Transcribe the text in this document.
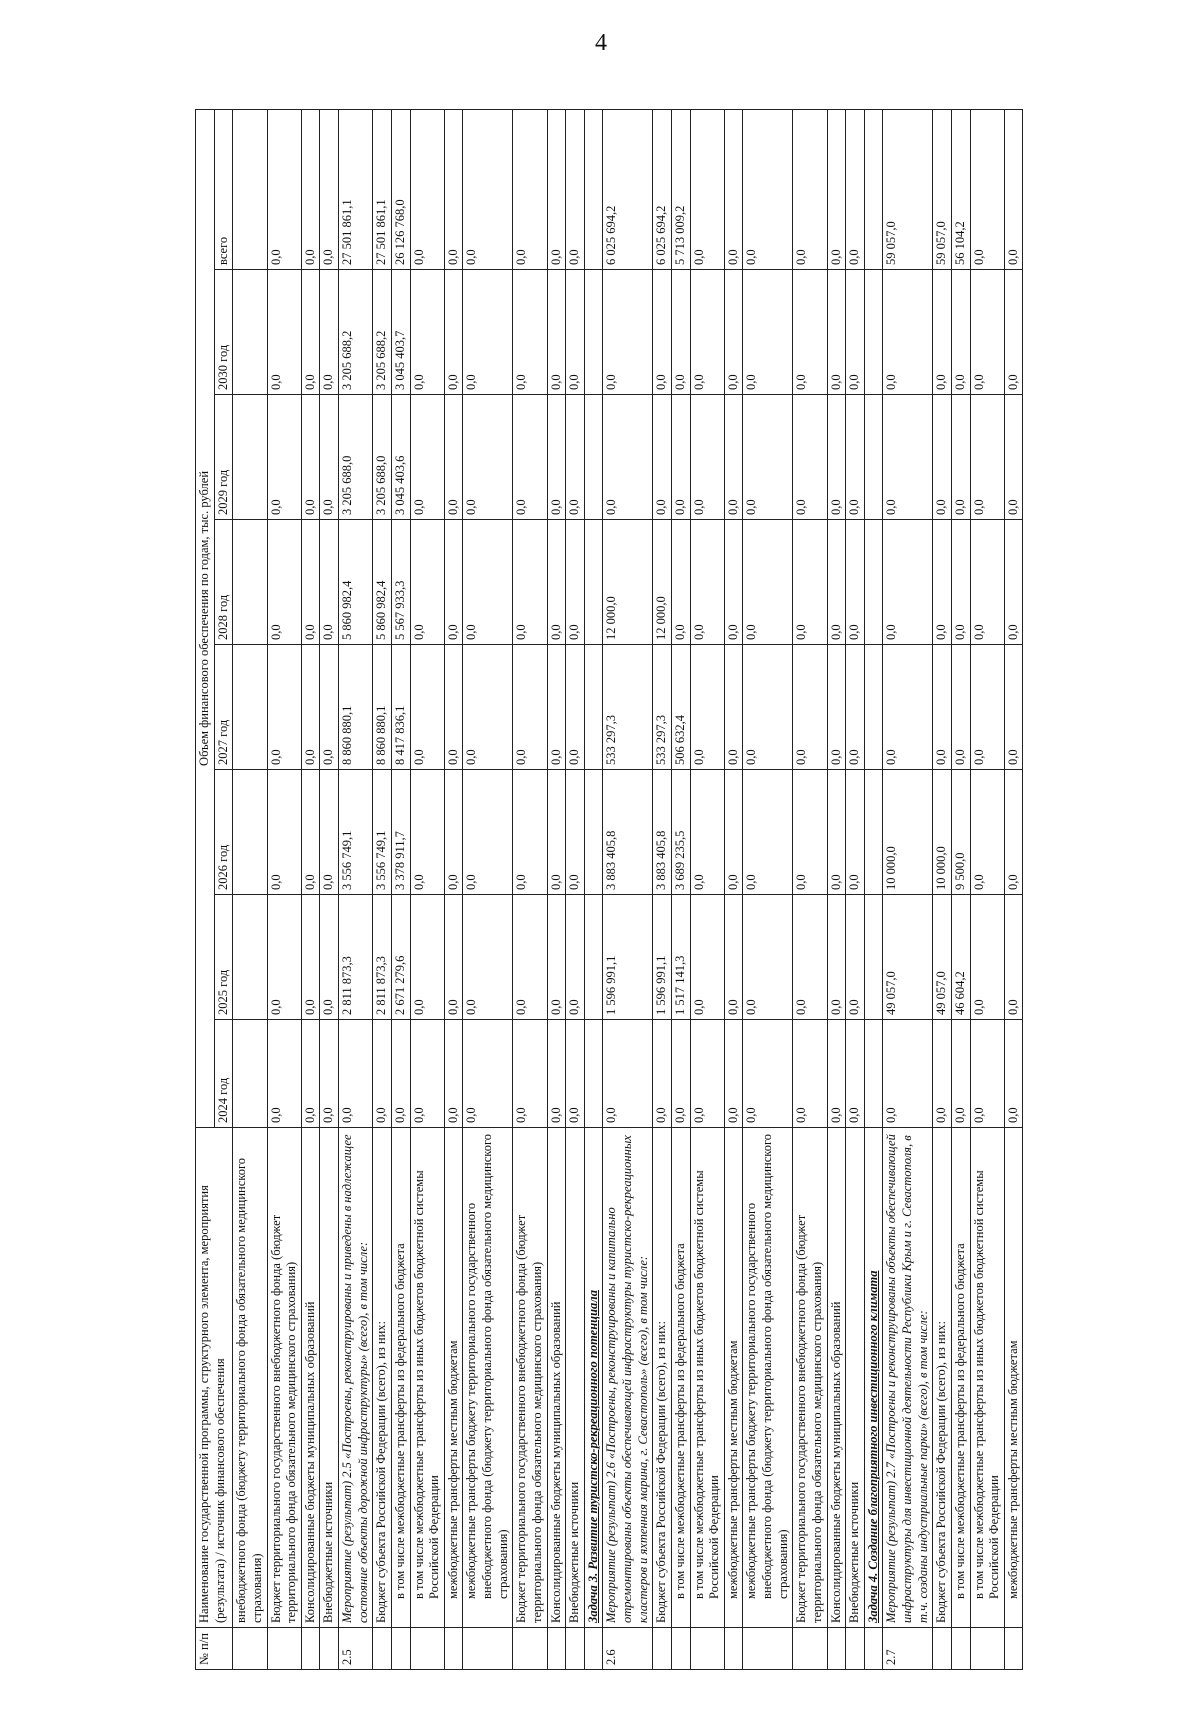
4
№ п/п	Наименование государственной программы, структурного элемента, мероприятия (результата) / источник финансового обеспечения	Объем финансового обеспечения по годам, тыс. рублей							
		2024 год	2025 год	2026 год	2027 год	2028 год	2029 год	2030 год	всего
	внебюджетного фонда (бюджету территориального фонда обязательного медицинского страхования)								
	Бюджет территориального государственного внебюджетного фонда (бюджет территориального фонда обязательного медицинского страхования)	0,0	0,0	0,0	0,0	0,0	0,0	0,0	0,0
	Консолидированные бюджеты муниципальных образований	0,0	0,0	0,0	0,0	0,0	0,0	0,0	0,0
	Внебюджетные источники	0,0	0,0	0,0	0,0	0,0	0,0	0,0	0,0
2.5	Мероприятие (результат) 2.5 «Построены, реконструированы и приведены в надлежащее состояние объекты дорожной инфраструктуры» (всего), в том числе:	0,0	2 811 873,3	3 556 749,1	8 860 880,1	5 860 982,4	3 205 688,0	3 205 688,2	27 501 861,1
	Бюджет субъекта Российской Федерации (всего), из них:	0,0	2 811 873,3	3 556 749,1	8 860 880,1	5 860 982,4	3 205 688,0	3 205 688,2	27 501 861,1
	в том числе межбюджетные трансферты из федерального бюджета	0,0	2 671 279,6	3 378 911,7	8 417 836,1	5 567 933,3	3 045 403,6	3 045 403,7	26 126 768,0
	в том числе межбюджетные трансферты из иных бюджетов бюджетной системы Российской Федерации	0,0	0,0	0,0	0,0	0,0	0,0	0,0	0,0
	межбюджетные трансферты местным бюджетам	0,0	0,0	0,0	0,0	0,0	0,0	0,0	0,0
	межбюджетные трансферты бюджету территориального государственного внебюджетного фонда (бюджету территориального фонда обязательного медицинского страхования)	0,0	0,0	0,0	0,0	0,0	0,0	0,0	0,0
	Бюджет территориального государственного внебюджетного фонда (бюджет территориального фонда обязательного медицинского страхования)	0,0	0,0	0,0	0,0	0,0	0,0	0,0	0,0
	Консолидированные бюджеты муниципальных образований	0,0	0,0	0,0	0,0	0,0	0,0	0,0	0,0
	Внебюджетные источники	0,0	0,0	0,0	0,0	0,0	0,0	0,0	0,0
	Задача 3. Развитие туристско-рекреационного потенциала								
2.6	Мероприятие (результат) 2.6 «Построены, реконструированы и капитально отремонтированы объекты обеспечивающей инфраструктуры туристско-рекреационных кластеров и яхтенная марина, г. Севастополь» (всего), в том числе:	0,0	1 596 991,1	3 883 405,8	533 297,3	12 000,0	0,0	0,0	6 025 694,2
	Бюджет субъекта Российской Федерации (всего), из них:	0,0	1 596 991,1	3 883 405,8	533 297,3	12 000,0	0,0	0,0	6 025 694,2
	в том числе межбюджетные трансферты из федерального бюджета	0,0	1 517 141,3	3 689 235,5	506 632,4	0,0	0,0	0,0	5 713 009,2
	в том числе межбюджетные трансферты из иных бюджетов бюджетной системы Российской Федерации	0,0	0,0	0,0	0,0	0,0	0,0	0,0	0,0
	межбюджетные трансферты местным бюджетам	0,0	0,0	0,0	0,0	0,0	0,0	0,0	0,0
	межбюджетные трансферты бюджету территориального государственного внебюджетного фонда (бюджету территориального фонда обязательного медицинского страхования)	0,0	0,0	0,0	0,0	0,0	0,0	0,0	0,0
	Бюджет территориального государственного внебюджетного фонда (бюджет территориального фонда обязательного медицинского страхования)	0,0	0,0	0,0	0,0	0,0	0,0	0,0	0,0
	Консолидированные бюджеты муниципальных образований	0,0	0,0	0,0	0,0	0,0	0,0	0,0	0,0
	Внебюджетные источники	0,0	0,0	0,0	0,0	0,0	0,0	0,0	0,0
	Задача 4. Создание благоприятного инвестиционного климата								
2.7	Мероприятие (результат) 2.7 «Построены и реконструированы объекты обеспечивающей инфраструктуры для инвестиционной деятельности Республики Крым и г. Севастополя, в т.ч. созданы индустриальные парки» (всего), в том числе:	0,0	49 057,0	10 000,0	0,0	0,0	0,0	0,0	59 057,0
	Бюджет субъекта Российской Федерации (всего), из них:	0,0	49 057,0	10 000,0	0,0	0,0	0,0	0,0	59 057,0
	в том числе межбюджетные трансферты из федерального бюджета	0,0	46 604,2	9 500,0	0,0	0,0	0,0	0,0	56 104,2
	в том числе межбюджетные трансферты из иных бюджетов бюджетной системы Российской Федерации	0,0	0,0	0,0	0,0	0,0	0,0	0,0	0,0
	межбюджетные трансферты местным бюджетам	0,0	0,0	0,0	0,0	0,0	0,0	0,0	0,0
